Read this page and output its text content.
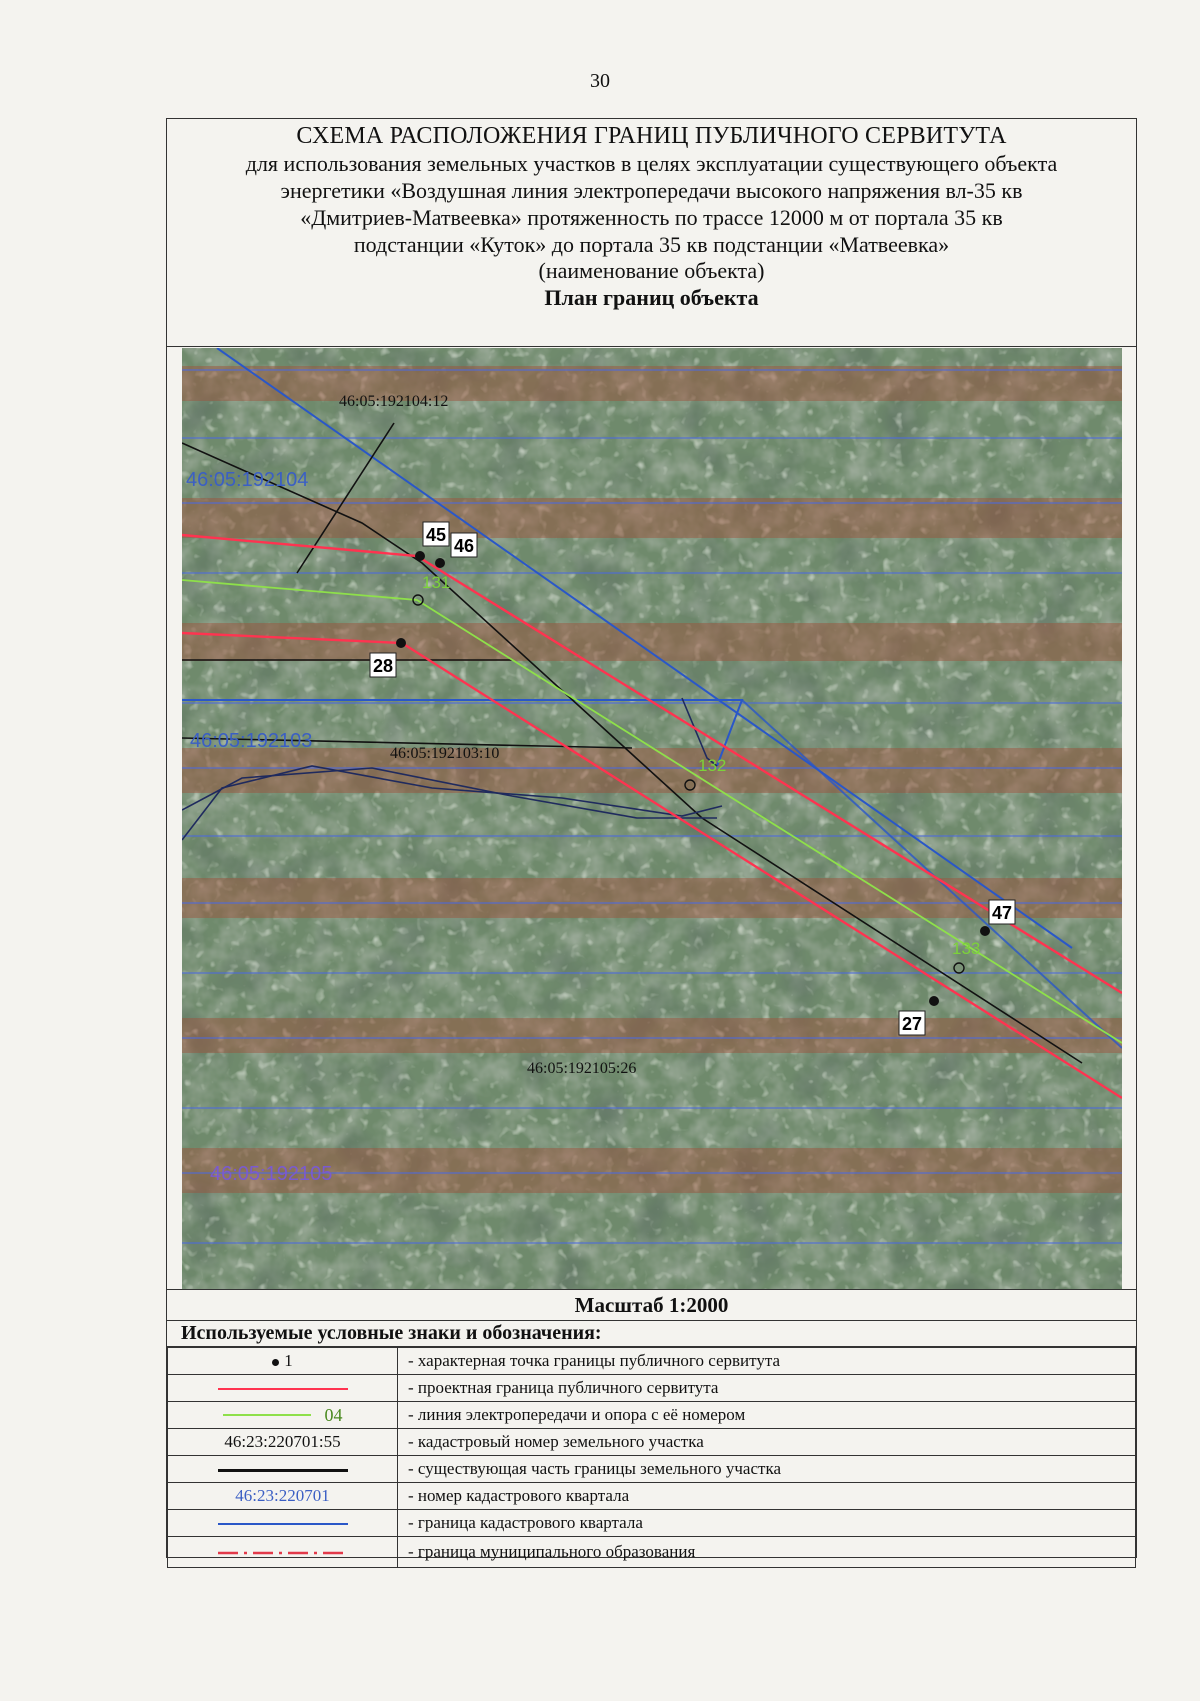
30
СХЕМА РАСПОЛОЖЕНИЯ ГРАНИЦ ПУБЛИЧНОГО СЕРВИТУТА
для использования земельных участков в целях эксплуатации существующего объекта
энергетики «Воздушная линия электропередачи высокого напряжения вл-35 кв
«Дмитриев-Матвеевка» протяженность по трассе 12000 м от портала 35 кв
подстанции «Куток» до портала 35 кв подстанции «Матвеевка»
(наименование объекта)
План границ объекта
131
132
133
45
46
28
47
27
46:05:192104:12
46:05:192103:10
46:05:192105:26
46:05:192104
46:05:192103
46:05:192105
Масштаб 1:2000
Используемые условные знаки и обозначения:
1	- характерная точка границы публичного сервитута
	- проектная граница публичного сервитута
04	- линия электропередачи и опора с её номером
46:23:220701:55	- кадастровый номер земельного участка
	- существующая часть границы земельного участка
46:23:220701	- номер кадастрового квартала
	- граница кадастрового квартала
	- граница муниципального образования
